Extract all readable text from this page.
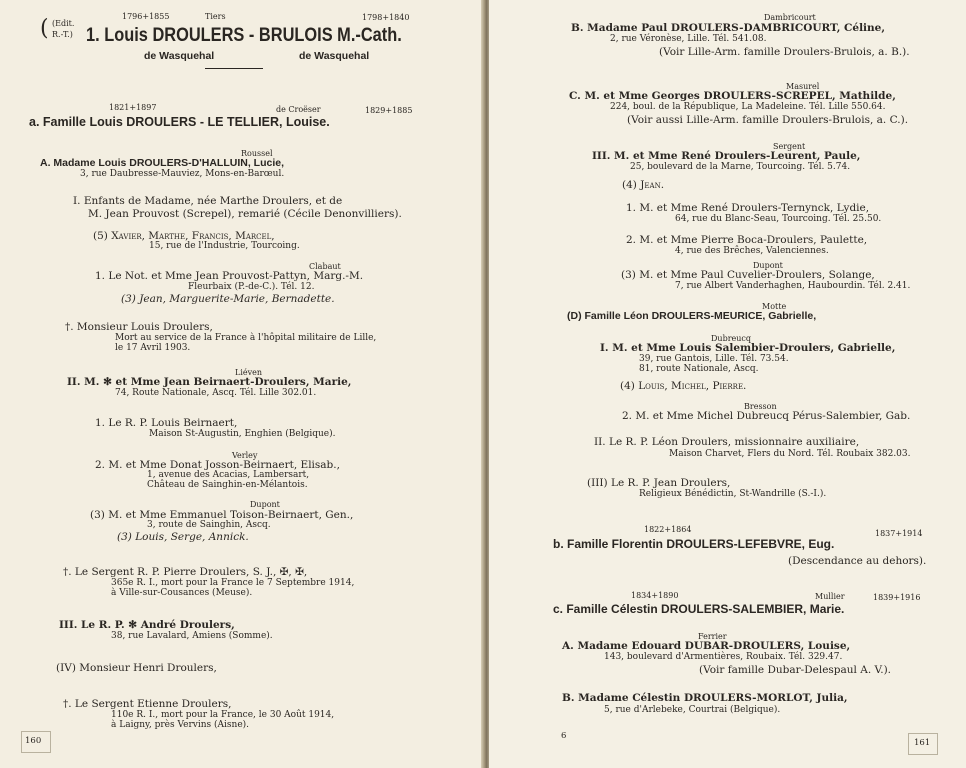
( (Edit.
R.-T.)
1796+1855	Tiers	1798+1840
1. Louis DROULERS - BRULOIS M.-Cath.
de Wasquehal	de Wasquehal
1821+1897	de Croëser	1829+1885
a. Famille Louis DROULERS - LE TELLIER, Louise.
Roussel
A. Madame Louis DROULERS-D'HALLUIN, Lucie,
3, rue Daubresse-Mauviez, Mons-en-Barœul.
I. Enfants de Madame, née Marthe Droulers, et de
M. Jean Prouvost (Screpel), remarié (Cécile Denonvilliers).
(5) Xavier, Marthe, Francis, Marcel,
15, rue de l'Industrie, Tourcoing.
Clabaut
1. Le Not. et Mme Jean Prouvost-Pattyn, Marg.-M.
Fleurbaix (P.-de-C.). Tél. 12.
(3) Jean, Marguerite-Marie, Bernadette.
†. Monsieur Louis Droulers,
Mort au service de la France à l'hôpital militaire de Lille,
le 17 Avril 1903.
Liéven
II. M. ✻ et Mme Jean Beirnaert-Droulers, Marie,
74, Route Nationale, Ascq. Tél. Lille 302.01.
1. Le R. P. Louis Beirnaert,
Maison St-Augustin, Enghien (Belgique).
Verley
2. M. et Mme Donat Josson-Beirnaert, Elisab.,
1, avenue des Acacias, Lambersart,
Château de Sainghin-en-Mélantois.
Dupont
(3) M. et Mme Emmanuel Toison-Beirnaert, Gen.,
3, route de Sainghin, Ascq.
(3) Louis, Serge, Annick.
†. Le Sergent R. P. Pierre Droulers, S. J., ✠, ✠,
365e R. I., mort pour la France le 7 Septembre 1914,
à Ville-sur-Cousances (Meuse).
III. Le R. P. ✻ André Droulers,
38, rue Lavalard, Amiens (Somme).
(IV) Monsieur Henri Droulers,
†. Le Sergent Etienne Droulers,
110e R. I., mort pour la France, le 30 Août 1914,
à Laigny, près Vervins (Aisne).
160
Dambricourt
B. Madame Paul DROULERS-DAMBRICOURT, Céline,
2, rue Véronèse, Lille. Tél. 541.08.
(Voir Lille-Arm. famille Droulers-Brulois, a. B.).
Masurel
C. M. et Mme Georges DROULERS-SCREPEL, Mathilde,
224, boul. de la République, La Madeleine. Tél. Lille 550.64.
(Voir aussi Lille-Arm. famille Droulers-Brulois, a. C.).
Sergent
III. M. et Mme René Droulers-Leurent, Paule,
25, boulevard de la Marne, Tourcoing. Tél. 5.74.
(4) Jean.
1. M. et Mme René Droulers-Ternynck, Lydie,
64, rue du Blanc-Seau, Tourcoing. Tél. 25.50.
2. M. et Mme Pierre Boca-Droulers, Paulette,
4, rue des Brêches, Valenciennes.
Dupont
(3) M. et Mme Paul Cuvelier-Droulers, Solange,
7, rue Albert Vanderhaghen, Haubourdin. Tél. 2.41.
Motte
(D) Famille Léon DROULERS-MEURICE, Gabrielle,
Dubreucq
I. M. et Mme Louis Salembier-Droulers, Gabrielle,
39, rue Gantois, Lille. Tél. 73.54.
81, route Nationale, Ascq.
(4) Louis, Michel, Pierre.
Bresson
2. M. et Mme Michel Dubreucq Pérus-Salembier, Gab.
II. Le R. P. Léon Droulers, missionnaire auxiliaire,
Maison Charvet, Flers du Nord. Tél. Roubaix 382.03.
(III) Le R. P. Jean Droulers,
Religieux Bénédictin, St-Wandrille (S.-I.).
1822+1864	1837+1914
b. Famille Florentin DROULERS-LEFEBVRE, Eug.
(Descendance au dehors).
1834+1890	Mullier	1839+1916
c. Famille Célestin DROULERS-SALEMBIER, Marie.
Ferrier
A. Madame Edouard DUBAR-DROULERS, Louise,
143, boulevard d'Armentières, Roubaix. Tél. 329.47.
(Voir famille Dubar-Delespaul A. V.).
B. Madame Célestin DROULERS-MORLOT, Julia,
5, rue d'Arlebeke, Courtrai (Belgique).
6
161
